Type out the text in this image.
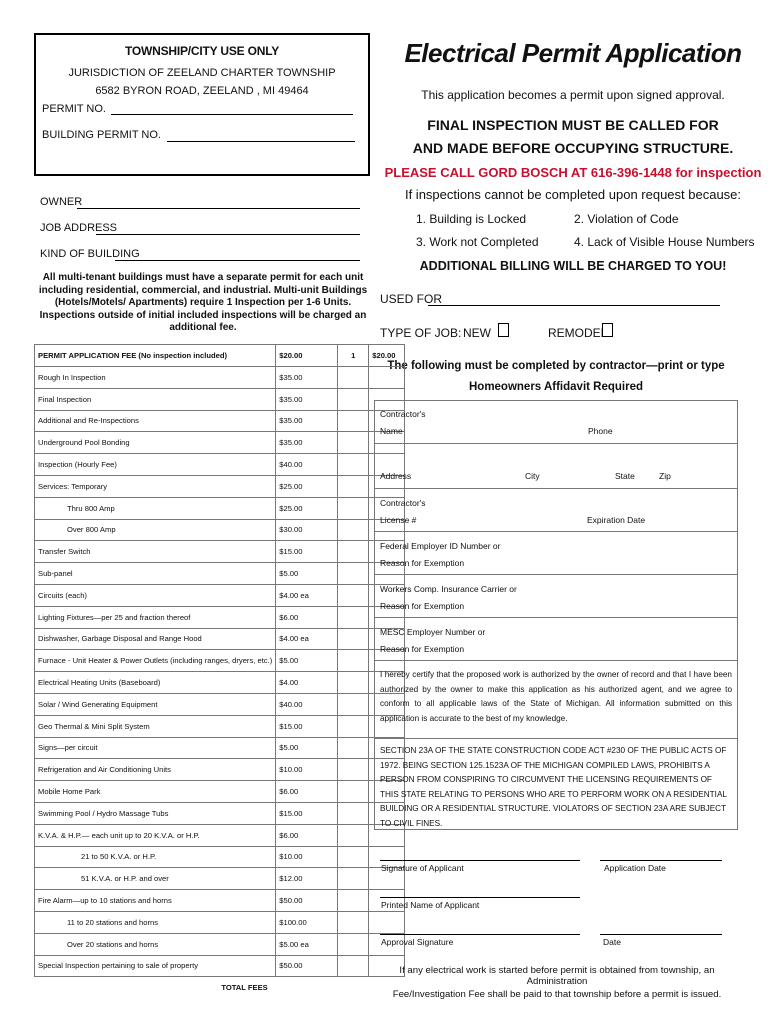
TOWNSHIP/CITY USE ONLY
JURISDICTION OF ZEELAND CHARTER TOWNSHIP
6582 BYRON ROAD, ZEELAND , MI 49464
PERMIT NO.
BUILDING PERMIT NO.
Electrical Permit Application
This application becomes a permit upon signed approval.
FINAL INSPECTION MUST BE CALLED FOR
AND MADE BEFORE OCCUPYING STRUCTURE.
PLEASE CALL GORD BOSCH AT 616-396-1448 for inspection
If inspections cannot be completed upon request because:
1. Building is Locked	2. Violation of Code
3. Work not Completed	4. Lack of Visible House Numbers
ADDITIONAL BILLING WILL BE CHARGED TO YOU!
OWNER
JOB ADDRESS
KIND OF BUILDING
All multi-tenant buildings must have a separate permit for each unit including residential, commercial, and industrial. Multi-unit Buildings (Hotels/Motels/ Apartments) require 1 Inspection per 1-6 Units. Inspections outside of initial included inspections will be charged an additional fee.
USED FOR
TYPE OF JOB: NEW	REMODEL
The following must be completed by contractor—print or type
Homeowners Affidavit Required
PERMIT APPLICATION FEE (No inspection included)	$20.00	1	$20.00
Rough In Inspection	$35.00		
Final Inspection	$35.00		
Additional and Re-Inspections	$35.00		
Underground Pool Bonding	$35.00		
Inspection (Hourly Fee)	$40.00		
Services: Temporary	$25.00		
Thru 800 Amp	$25.00		
Over 800 Amp	$30.00		
Transfer Switch	$15.00		
Sub-panel	$5.00		
Circuits (each)	$4.00 ea		
Lighting Fixtures—per 25 and fraction thereof	$6.00		
Dishwasher, Garbage Disposal and Range Hood	$4.00 ea		
Furnace - Unit Heater & Power Outlets (including ranges, dryers, etc.)	$5.00		
Electrical Heating Units (Baseboard)	$4.00		
Solar / Wind Generating Equipment	$40.00		
Geo Thermal & Mini Split System	$15.00		
Signs—per circuit	$5.00		
Refrigeration and Air Conditioning Units	$10.00		
Mobile Home Park	$6.00		
Swimming Pool / Hydro Massage Tubs	$15.00		
K.V.A. & H.P.— each unit up to 20 K.V.A. or H.P.	$6.00		
21 to 50 K.V.A. or H.P.	$10.00		
51 K.V.A. or H.P. and over	$12.00		
Fire Alarm—up to 10 stations and horns	$50.00		
11 to 20 stations and horns	$100.00		
Over 20 stations and horns	$5.00 ea		
Special Inspection pertaining to sale of property	$50.00		
TOTAL FEES			
Contractor's
Name	Phone
Address	City	State	Zip
Contractor's
License #	Expiration Date
Federal Employer ID Number or
Reason for Exemption
Workers Comp. Insurance Carrier or
Reason for Exemption
MESC Employer Number or
Reason for Exemption
I hereby certify that the proposed work is authorized by the owner of record and that I have been authorized by the owner to make this application as his authorized agent, and we agree to conform to all applicable laws of the State of Michigan. All information submitted on this application is accurate to the best of my knowledge.
SECTION 23A OF THE STATE CONSTRUCTION CODE ACT #230 OF THE PUBLIC ACTS OF 1972. BEING SECTION 125.1523A OF THE MICHIGAN COMPILED LAWS, PROHIBITS A PERSON FROM CONSPIRING TO CIRCUMVENT THE LICENSING REQUIREMENTS OF THIS STATE RELATING TO PERSONS WHO ARE TO PERFORM WORK ON A RESIDENTIAL BUILDING OR A RESIDENTIAL STRUCTURE. VIOLATORS OF SECTION 23A ARE SUBJECT TO CIVIL FINES.
Signature of Applicant	Application Date
Printed Name of Applicant
Approval Signature	Date
If any electrical work is started before permit is obtained from township, an Administration
Fee/Investigation Fee shall be paid to that township before a permit is issued.
